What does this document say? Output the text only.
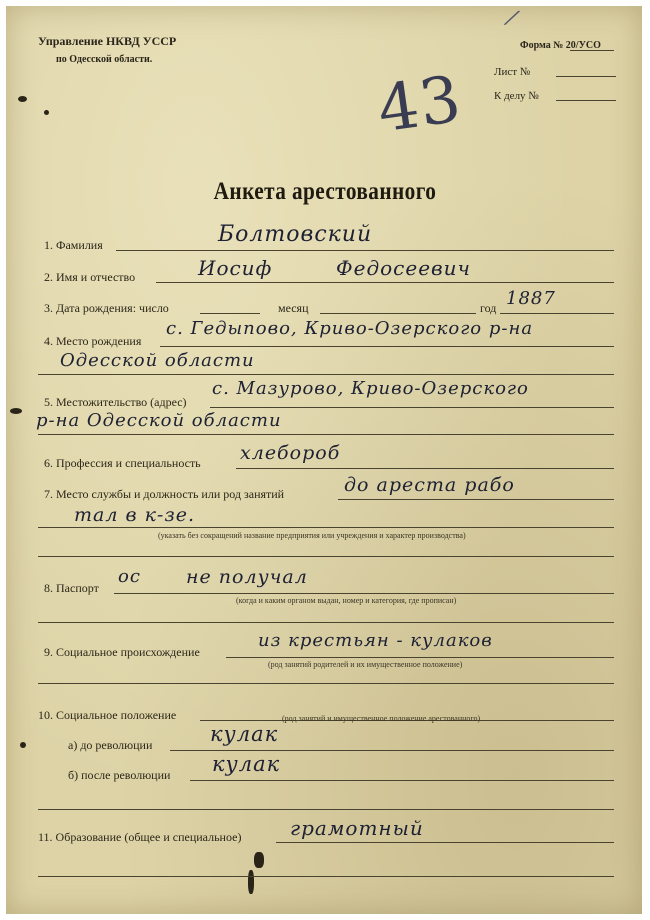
Управление НКВД УССР
по Одесской области.
Форма № 20/УСО
Лист №
К делу №
43
/
Анкета арестованного
1. Фамилия	Болтовский
2. Имя и отчество	Иосиф	Федосеевич
3. Дата рождения: число	месяц	год 1887
4. Место рождения
с. Гедыпово, Криво-Озерского р-на
Одесской области
5. Местожительство (адрес)
с. Мазурово, Криво-Озерского
р-на Одесской области
6. Профессия и специальность хлебороб
7. Место службы и должность или род занятий	до ареста рабо
тал в к-зе.
(указать без сокращений название предприятия или учреждения и характер производства)
8. Паспорт
ос не получал
(когда и каким органом выдан, номер и категория, где прописан)
9. Социальное происхождение
из крестьян - кулаков
(род занятий родителей и их имущественное положение)
10. Социальное положение	(род занятий и имущественное положение арестованного)
а) до революции	кулак
б) после революции кулак
11. Образование (общее и специальное) грамотный
